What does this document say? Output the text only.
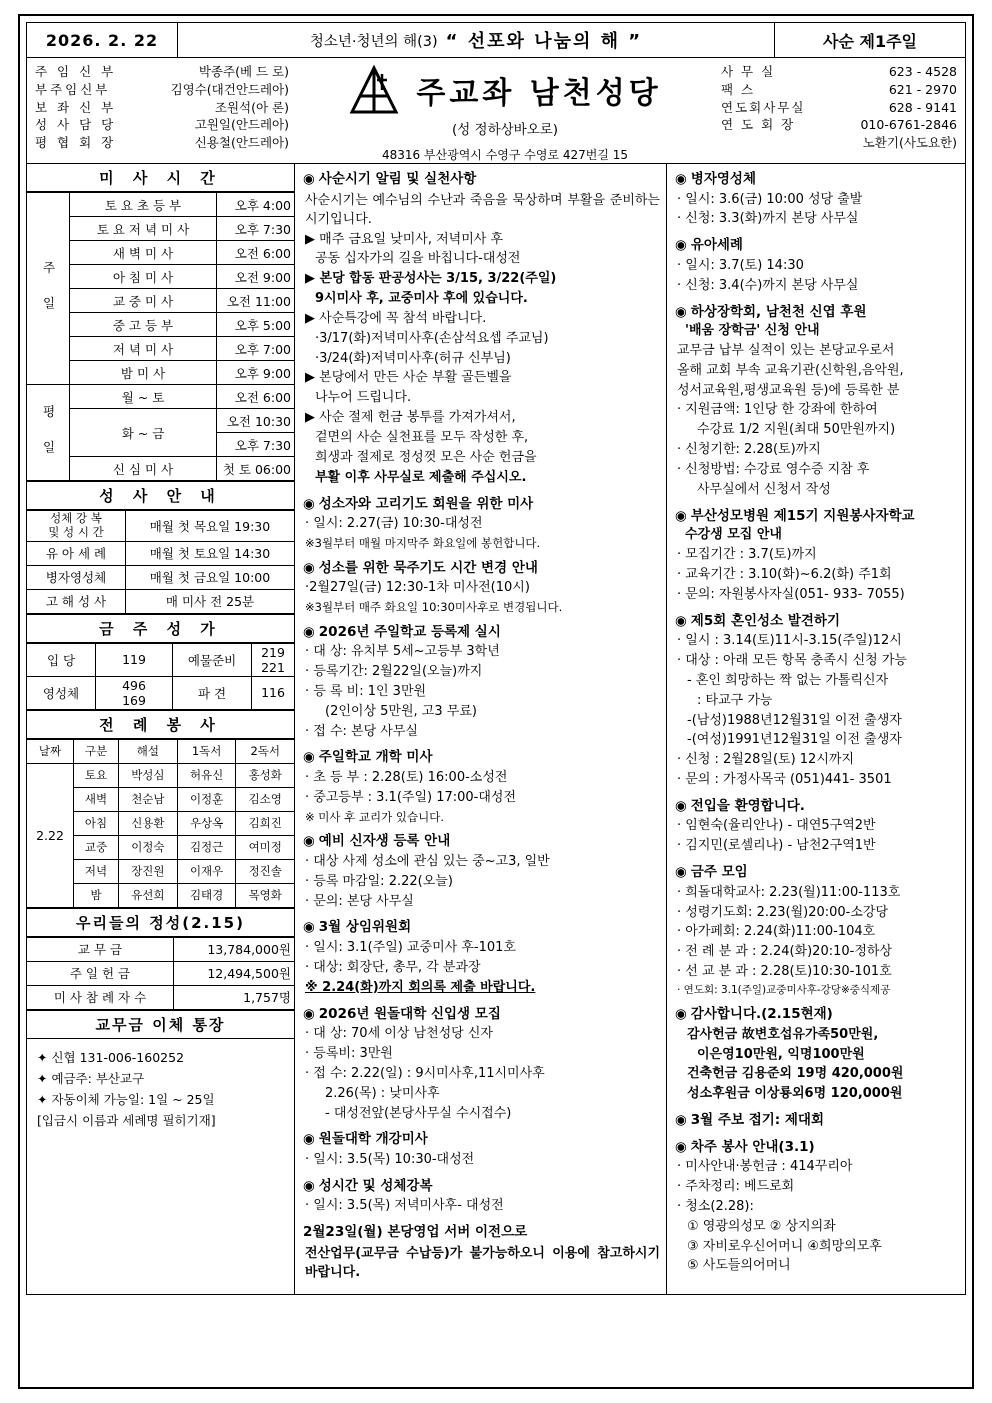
2026. 2. 22	청소년·청년의 해(3) “ 선포와 나눔의 해 ”	사순 제1주일
주 임 신 부	박종주(베 드 로)
부주임신부	김영수(대건안드레아)
보 좌 신 부	조원석(아 론)
성 사 담 당	고원일(안드레아)
평 협 회 장	신용철(안드레아)
주교좌 남천성당
(성 정하상바오로)
48316 부산광역시 수영구 수영로 427번길 15
사 무 실	623 - 4528
팩 스	621 - 2970
연도회사무실	628 - 9141
연 도 회 장	010-6761-2846
노환기(사도요한)
미 사 시 간
주 일	토 요 초 등 부	오후 4:00
	토 요 저 녁 미 사	오후 7:30
	새 벽 미 사	오전 6:00
	아 침 미 사	오전 9:00
	교 중 미 사	오전 11:00
	중 고 등 부	오후 5:00
	저 녁 미 사	오후 7:00
	밤 미 사	오후 9:00
평 일	월 ~ 토	오전 6:00
	화 ~ 금	오전 10:30
		오후 7:30
	신 심 미 사	첫 토 06:00
성 사 안 내
성체 강 복
및 성 시 간	매월 첫 목요일 19:30
유 아 세 례	매월 첫 토요일 14:30
병자영성체	매월 첫 금요일 10:00
고 해 성 사	매 미사 전 25분
금 주 성 가
입 당	119	예물준비	219
221
영성체	496
169	파 견	116
전 례 봉 사
날짜	구분	해설	1독서	2독서
2.22	토요	박성심	허유신	홍성화
	새벽	천순남	이정훈	김소영
	아침	신용환	우상옥	김희진
	교중	이정숙	김정근	여미정
	저녁	장진원	이재우	정진솔
	밤	유선희	김태경	목영화
우리들의 정성(2.15)
교 무 금	13,784,000원
주 일 헌 금	12,494,500원
미 사 참 례 자 수	1,757명
교무금 이체 통장
✦ 신협 131-006-160252
✦ 예금주: 부산교구
✦ 자동이체 가능일: 1일 ~ 25일
[입금시 이름과 세례명 필히기재]
◉ 사순시기 알림 및 실천사항

사순시기는 예수님의 수난과 죽음을 묵상하며 부활을 준비하는 시기입니다.

▶ 매주 금요일 낮미사, 저녁미사 후

공동 십자가의 길을 바칩니다-대성전

▶ 본당 합동 판공성사는 3/15, 3/22(주일)

9시미사 후, 교중미사 후에 있습니다.

▶ 사순특강에 꼭 참석 바랍니다.

·3/17(화)저녁미사후(손삼석요셉 주교님)

·3/24(화)저녁미사후(허규 신부님)

▶ 본당에서 만든 사순 부활 골든벨을

나누어 드립니다.

▶ 사순 절제 헌금 봉투를 가져가셔서,

겉면의 사순 실천표를 모두 작성한 후,

희생과 절제로 정성껏 모은 사순 헌금을

부활 이후 사무실로 제출해 주십시오.

◉ 성소자와 고리기도 회원을 위한 미사

· 일시: 2.27(금) 10:30-대성전

※3월부터 매월 마지막주 화요일에 봉헌합니다.

◉ 성소를 위한 묵주기도 시간 변경 안내

·2월27일(금) 12:30-1차 미사전(10시)

※3월부터 매주 화요일 10:30미사후로 변경됩니다.

◉ 2026년 주일학교 등록제 실시

· 대 상: 유치부 5세~고등부 3학년

· 등록기간: 2월22일(오늘)까지

· 등 록 비: 1인 3만원

(2인이상 5만원, 고3 무료)

· 접 수: 본당 사무실

◉ 주일학교 개학 미사

· 초 등 부 : 2.28(토) 16:00-소성전

· 중고등부 : 3.1(주일) 17:00-대성전

※ 미사 후 교리가 있습니다.

◉ 예비 신자생 등록 안내

· 대상 사제 성소에 관심 있는 중~고3, 일반

· 등록 마감일: 2.22(오늘)

· 문의: 본당 사무실

◉ 3월 상임위원회

· 일시: 3.1(주일) 교중미사 후-101호

· 대상: 회장단, 총무, 각 분과장

※ 2.24(화)까지 회의록 제출 바랍니다.

◉ 2026년 원돌대학 신입생 모집

· 대 상: 70세 이상 남천성당 신자

· 등록비: 3만원

· 접 수: 2.22(일) : 9시미사후,11시미사후

2.26(목) : 낮미사후

- 대성전앞(본당사무실 수시접수)

◉ 원돌대학 개강미사

· 일시: 3.5(목) 10:30-대성전

◉ 성시간 및 성체강복

· 일시: 3.5(목) 저녁미사후- 대성전

2월23일(월) 본당영업 서버 이전으로

전산업무(교무금 수납등)가 불가능하오니 이용에 참고하시기 바랍니다.

◉ 병자영성체

· 일시: 3.6(금) 10:00 성당 출발

· 신청: 3.3(화)까지 본당 사무실

◉ 유아세례

· 일시: 3.7(토) 14:30

· 신청: 3.4(수)까지 본당 사무실

◉ 하상장학회, 남천천 신엽 후원
'배움 장학금' 신청 안내

교무금 납부 실적이 있는 본당교우로서

올해 교회 부속 교육기관(신학원,음악원,

성서교육원,평생교육원 등)에 등록한 분

· 지원금액: 1인당 한 강좌에 한하여

수강료 1/2 지원(최대 50만원까지)

· 신청기한: 2.28(토)까지

· 신청방법: 수강료 영수증 지참 후

사무실에서 신청서 작성

◉ 부산성모병원 제15기 지원봉사자학교
수강생 모집 안내

· 모집기간 : 3.7(토)까지

· 교육기간 : 3.10(화)~6.2(화) 주1회

· 문의: 자원봉사자실(051- 933- 7055)

◉ 제5회 혼인성소 발견하기

· 일시 : 3.14(토)11시-3.15(주일)12시

· 대상 : 아래 모든 항목 충족시 신청 가능

- 혼인 희망하는 짝 없는 가톨릭신자

: 타교구 가능

-(남성)1988년12월31일 이전 출생자

-(여성)1991년12월31일 이전 출생자

· 신청 : 2월28일(토) 12시까지

· 문의 : 가정사목국 (051)441- 3501

◉ 전입을 환영합니다.

· 임현숙(율리안나) - 대연5구역2반

· 김지민(로셀리나) - 남천2구역1반

◉ 금주 모임

· 희돌대학교사: 2.23(월)11:00-113호

· 성령기도회: 2.23(월)20:00-소강당

· 아가페회: 2.24(화)11:00-104호

· 전 례 분 과 : 2.24(화)20:10-정하상

· 선 교 분 과 : 2.28(토)10:30-101호

· 연도회: 3.1(주일)교중미사후-강당※중식제공

◉ 감사합니다.(2.15현재)

감사헌금 故변호섭유가족50만원,

이은영10만원, 익명100만원

건축헌금 김용준외 19명 420,000원

성소후원금 이상룡외6명 120,000원

◉ 3월 주보 접기: 제대회
◉ 차주 봉사 안내(3.1)

· 미사안내·봉헌금 : 414꾸리아

· 주차정리: 베드로회

· 청소(2.28):

① 영광의성모 ② 상지의좌

③ 자비로우신어머니 ④희망의모후

⑤ 사도들의어머니
